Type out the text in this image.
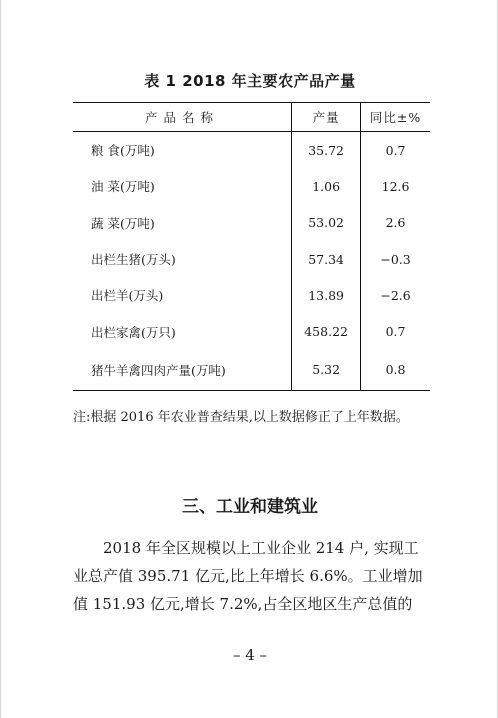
表 1 2018 年主要农产品产量
产品名称	产量	同比±%
粮 食(万吨)	35.72	0.7
油 菜(万吨)	1.06	12.6
蔬 菜(万吨)	53.02	2.6
出栏生猪(万头)	57.34	−0.3
出栏羊(万头)	13.89	−2.6
出栏家禽(万只)	458.22	0.7
猪牛羊禽四肉产量(万吨)	5.32	0.8
注:根据 2016 年农业普查结果,以上数据修正了上年数据。
三、工业和建筑业
2018 年全区规模以上工业企业 214 户, 实现工
业总产值 395.71 亿元,比上年增长 6.6%。工业增加
值 151.93 亿元,增长 7.2%,占全区地区生产总值的
– 4 –
